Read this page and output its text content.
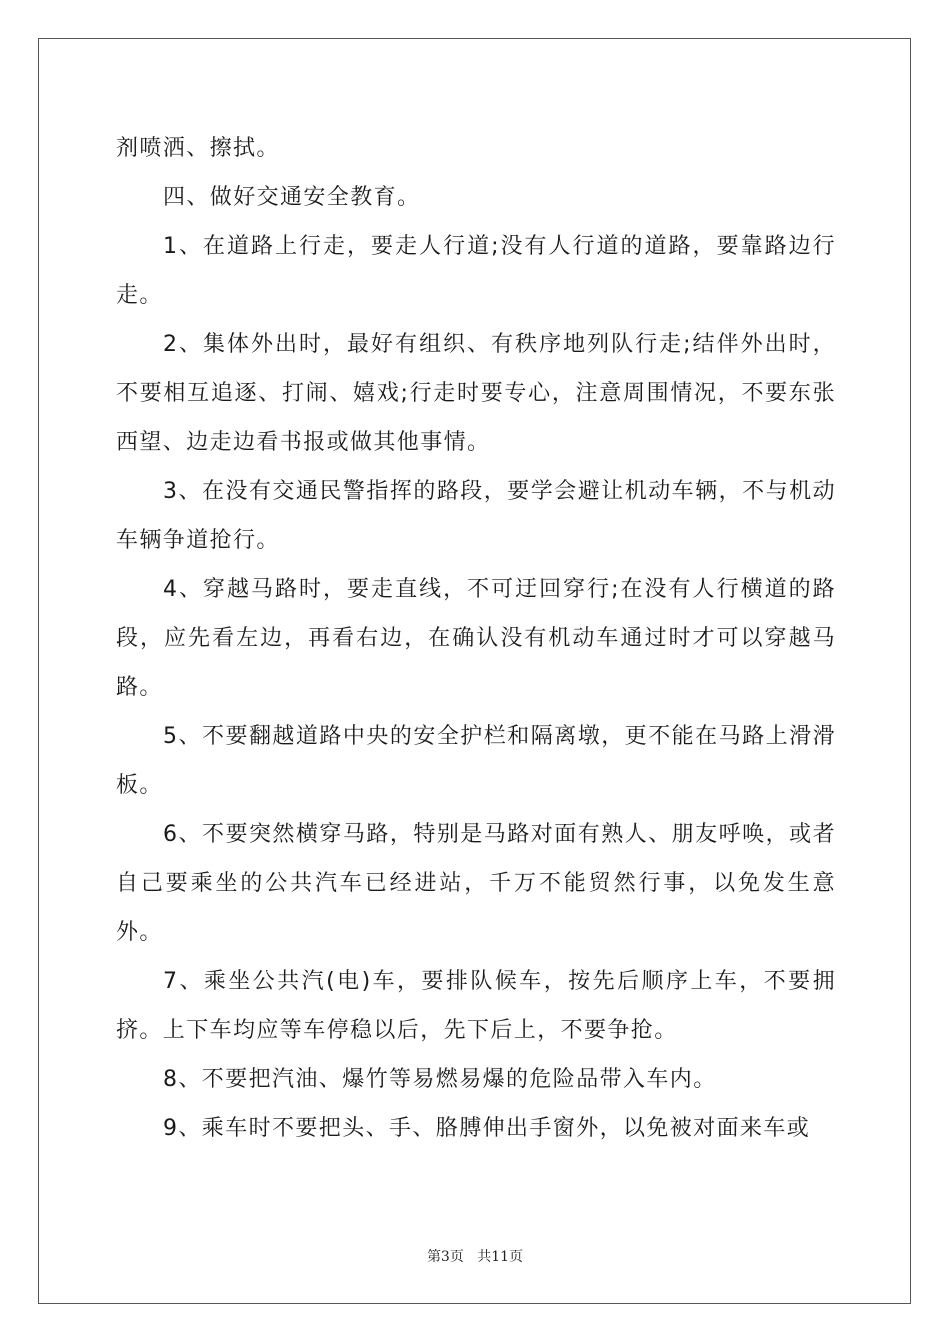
剂喷洒、擦拭。

四、做好交通安全教育。

1、在道路上行走，要走人行道;没有人行道的道路，要靠路边行走。

2、集体外出时，最好有组织、有秩序地列队行走;结伴外出时，不要相互追逐、打闹、嬉戏;行走时要专心，注意周围情况，不要东张西望、边走边看书报或做其他事情。

3、在没有交通民警指挥的路段，要学会避让机动车辆，不与机动车辆争道抢行。

4、穿越马路时，要走直线，不可迂回穿行;在没有人行横道的路段，应先看左边，再看右边，在确认没有机动车通过时才可以穿越马路。

5、不要翻越道路中央的安全护栏和隔离墩，更不能在马路上滑滑板。

6、不要突然横穿马路，特别是马路对面有熟人、朋友呼唤，或者自己要乘坐的公共汽车已经进站，千万不能贸然行事，以免发生意外。

7、乘坐公共汽(电)车，要排队候车，按先后顺序上车，不要拥挤。上下车均应等车停稳以后，先下后上，不要争抢。

8、不要把汽油、爆竹等易燃易爆的危险品带入车内。

9、乘车时不要把头、手、胳膊伸出手窗外，以免被对面来车或

第3页 共11页
